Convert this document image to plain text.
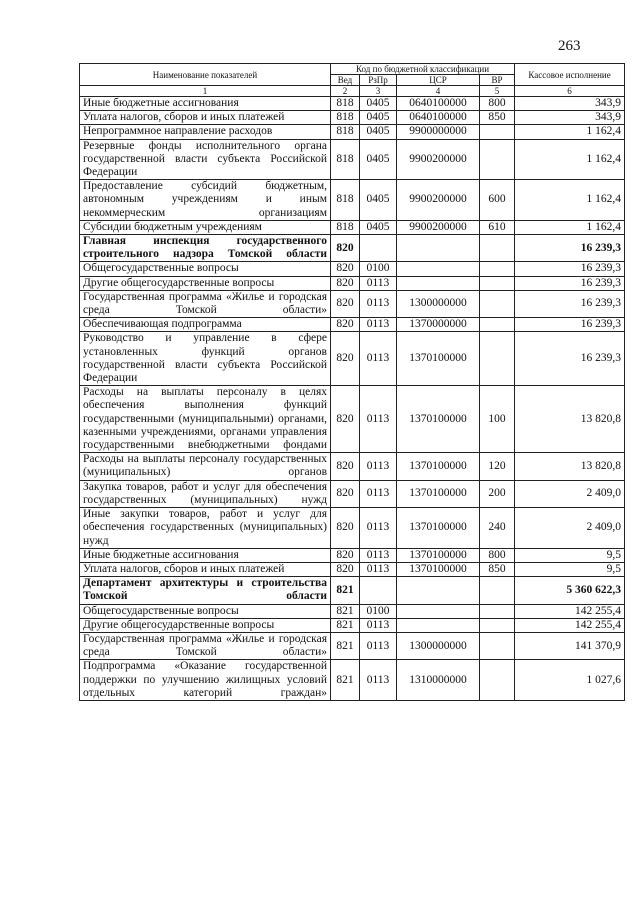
263
Наименование показателей	Код по бюджетной классификации				Кассовое исполнение
	Вед	РзПр	ЦСР	ВР	
1	2	3	4	5	6
Иные бюджетные ассигнования	818	0405	0640100000	800	343,9
Уплата налогов, сборов и иных платежей	818	0405	0640100000	850	343,9
Непрограммное направление расходов	818	0405	9900000000		1 162,4
Резервные фонды исполнительного органа государственной власти субъекта Российской Федерации	818	0405	9900200000		1 162,4
Предоставление субсидий бюджетным, автономным учреждениям и иным некоммерческим организациям	818	0405	9900200000	600	1 162,4
Субсидии бюджетным учреждениям	818	0405	9900200000	610	1 162,4
Главная инспекция государственного строительного надзора Томской области	820				16 239,3
Общегосударственные вопросы	820	0100			16 239,3
Другие общегосударственные вопросы	820	0113			16 239,3
Государственная программа «Жилье и городская среда Томской области»	820	0113	1300000000		16 239,3
Обеспечивающая подпрограмма	820	0113	1370000000		16 239,3
Руководство и управление в сфере установленных функций органов государственной власти субъекта Российской Федерации	820	0113	1370100000		16 239,3
Расходы на выплаты персоналу в целях обеспечения выполнения функций государственными (муниципальными) органами, казенными учреждениями, органами управления государственными внебюджетными фондами	820	0113	1370100000	100	13 820,8
Расходы на выплаты персоналу государственных (муниципальных) органов	820	0113	1370100000	120	13 820,8
Закупка товаров, работ и услуг для обеспечения государственных (муниципальных) нужд	820	0113	1370100000	200	2 409,0
Иные закупки товаров, работ и услуг для обеспечения государственных (муниципальных) нужд	820	0113	1370100000	240	2 409,0
Иные бюджетные ассигнования	820	0113	1370100000	800	9,5
Уплата налогов, сборов и иных платежей	820	0113	1370100000	850	9,5
Департамент архитектуры и строительства Томской области	821				5 360 622,3
Общегосударственные вопросы	821	0100			142 255,4
Другие общегосударственные вопросы	821	0113			142 255,4
Государственная программа «Жилье и городская среда Томской области»	821	0113	1300000000		141 370,9
Подпрограмма «Оказание государственной поддержки по улучшению жилищных условий отдельных категорий граждан»	821	0113	1310000000		1 027,6
